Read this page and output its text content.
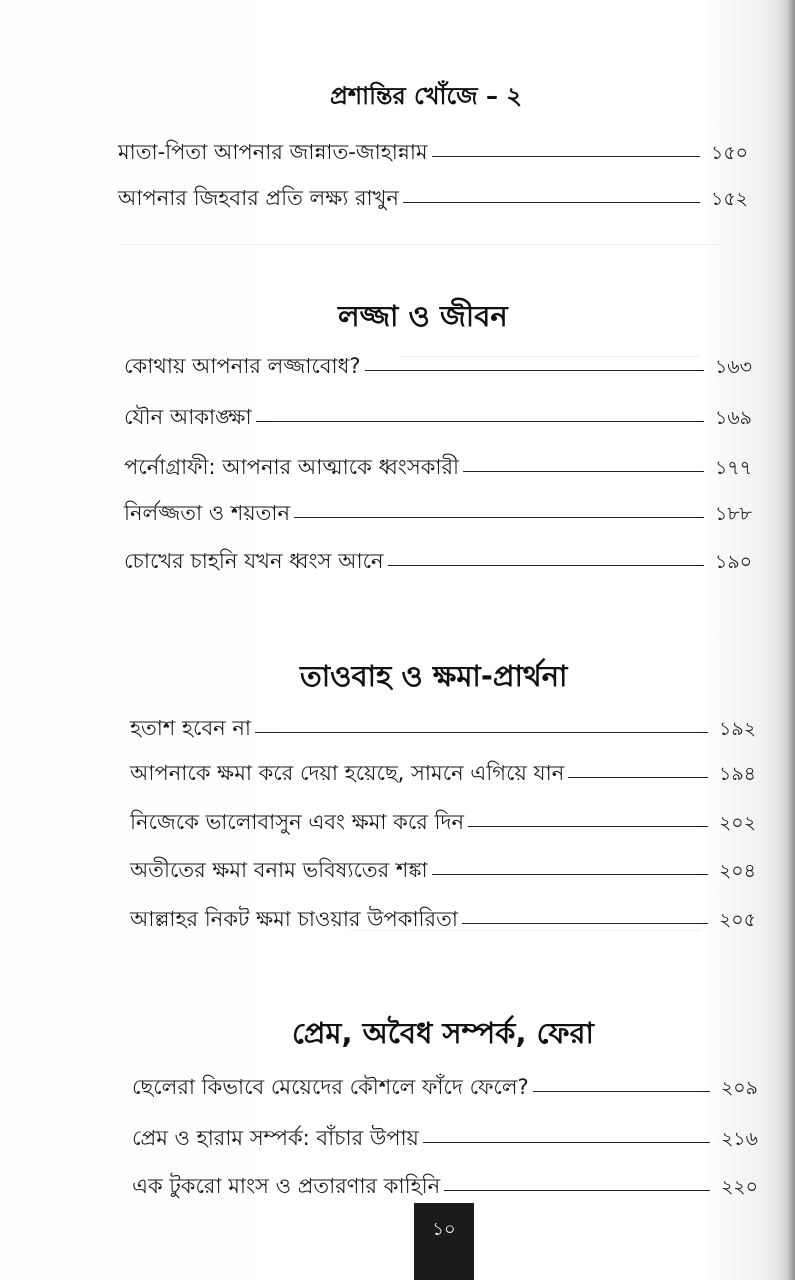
প্রশান্তির খোঁজে – ২
মাতা-পিতা আপনার জান্নাত-জাহান্নাম	১৫০
আপনার জিহবার প্রতি লক্ষ্য রাখুন	১৫২
লজ্জা ও জীবন
কোথায় আপনার লজ্জাবোধ?	১৬৩
যৌন আকাঙ্ক্ষা	১৬৯
পর্নোগ্রাফী: আপনার আত্মাকে ধ্বংসকারী	১৭৭
নির্লজ্জতা ও শয়তান	১৮৮
চোখের চাহনি যখন ধ্বংস আনে	১৯০
তাওবাহ ও ক্ষমা-প্রার্থনা
হতাশ হবেন না	১৯২
আপনাকে ক্ষমা করে দেয়া হয়েছে, সামনে এগিয়ে যান	১৯৪
নিজেকে ভালোবাসুন এবং ক্ষমা করে দিন	২০২
অতীতের ক্ষমা বনাম ভবিষ্যতের শঙ্কা	২০৪
আল্লাহর নিকট ক্ষমা চাওয়ার উপকারিতা	২০৫
প্রেম, অবৈধ সম্পর্ক, ফেরা
ছেলেরা কিভাবে মেয়েদের কৌশলে ফাঁদে ফেলে?	২০৯
প্রেম ও হারাম সম্পর্ক: বাঁচার উপায়	২১৬
এক টুকরো মাংস ও প্রতারণার কাহিনি	২২০
১০
